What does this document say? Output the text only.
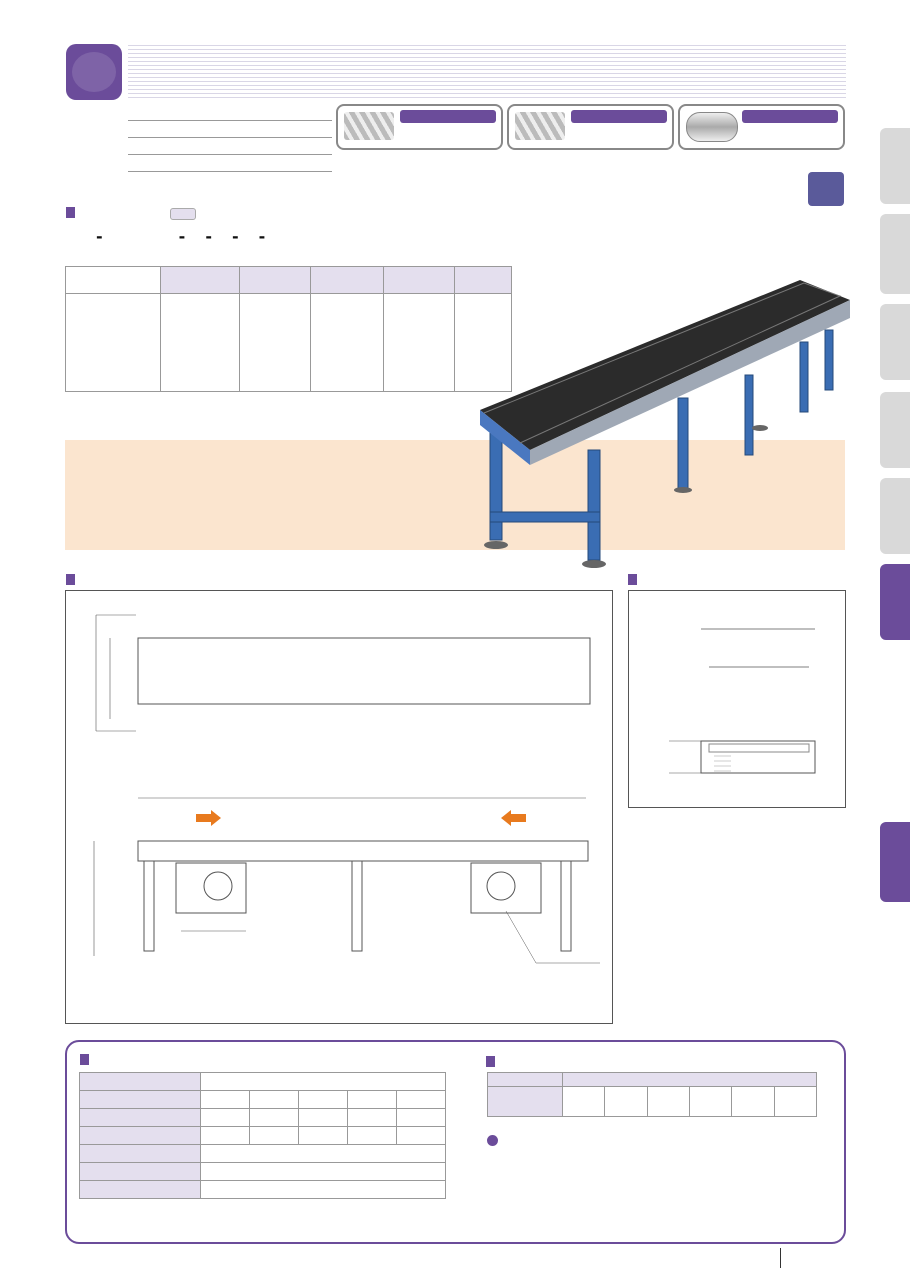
-	- - - -
